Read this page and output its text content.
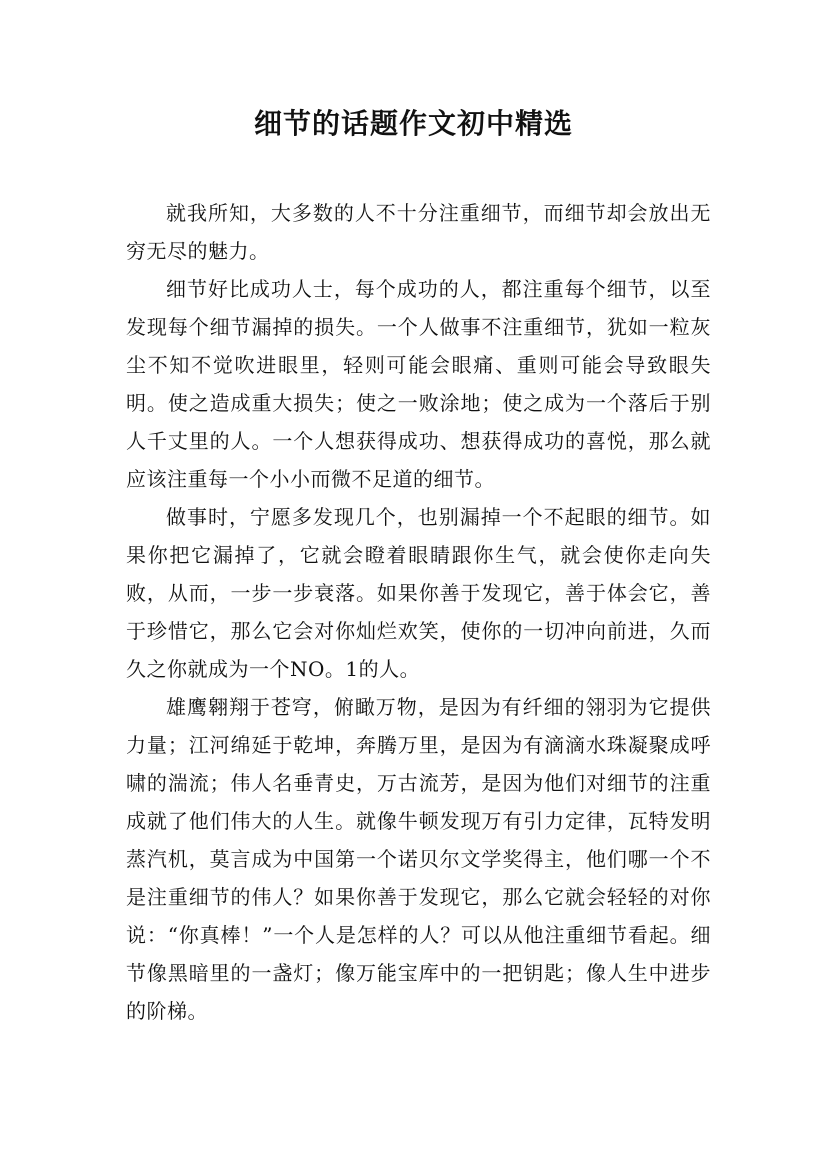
细节的话题作文初中精选

就我所知，大多数的人不十分注重细节，而细节却会放出无穷无尽的魅力。

细节好比成功人士，每个成功的人，都注重每个细节，以至发现每个细节漏掉的损失。一个人做事不注重细节，犹如一粒灰尘不知不觉吹进眼里，轻则可能会眼痛、重则可能会导致眼失明。使之造成重大损失；使之一败涂地；使之成为一个落后于别人千丈里的人。一个人想获得成功、想获得成功的喜悦，那么就应该注重每一个小小而微不足道的细节。

做事时，宁愿多发现几个，也别漏掉一个不起眼的细节。如果你把它漏掉了，它就会瞪着眼睛跟你生气，就会使你走向失败，从而，一步一步衰落。如果你善于发现它，善于体会它，善于珍惜它，那么它会对你灿烂欢笑，使你的一切冲向前进，久而久之你就成为一个NO。1的人。

雄鹰翱翔于苍穹，俯瞰万物，是因为有纤细的翎羽为它提供力量；江河绵延于乾坤，奔腾万里，是因为有滴滴水珠凝聚成呼啸的湍流；伟人名垂青史，万古流芳，是因为他们对细节的注重成就了他们伟大的人生。就像牛顿发现万有引力定律，瓦特发明蒸汽机，莫言成为中国第一个诺贝尔文学奖得主，他们哪一个不是注重细节的伟人？如果你善于发现它，那么它就会轻轻的对你说：“你真棒！”一个人是怎样的人？可以从他注重细节看起。细节像黑暗里的一盏灯；像万能宝库中的一把钥匙；像人生中进步的阶梯。
